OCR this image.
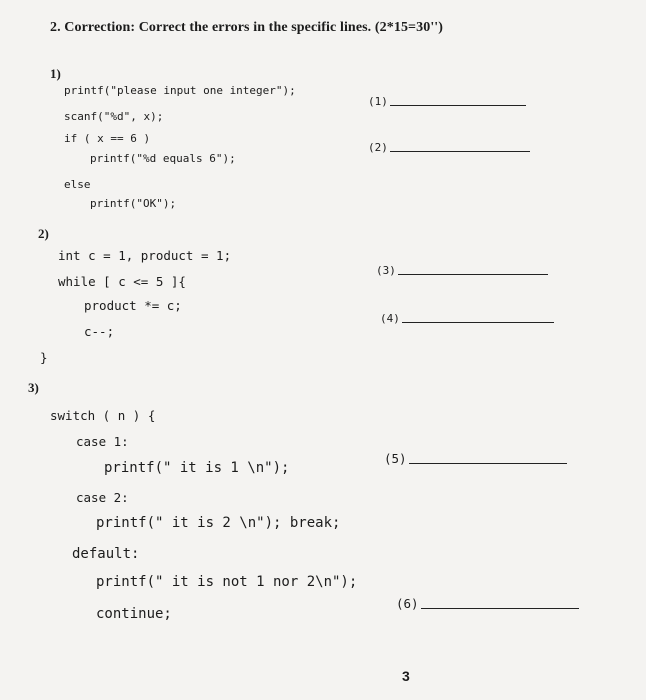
2. Correction: Correct the errors in the specific lines. (2*15=30'')
1)
printf("please input one integer");
scanf("%d", x);
if ( x == 6 )
printf("%d equals 6");
else
printf("OK");
(1)
(2)
2)
int c = 1, product = 1;
while [ c <= 5 ]{
product *= c;
c--;
}
(3)
(4)
3)
switch ( n ) {
case 1:
printf(" it is 1 \n");
case 2:
printf(" it is 2 \n"); break;
default:
printf(" it is not 1 nor 2\n");
continue;
(5)
(6)
3
